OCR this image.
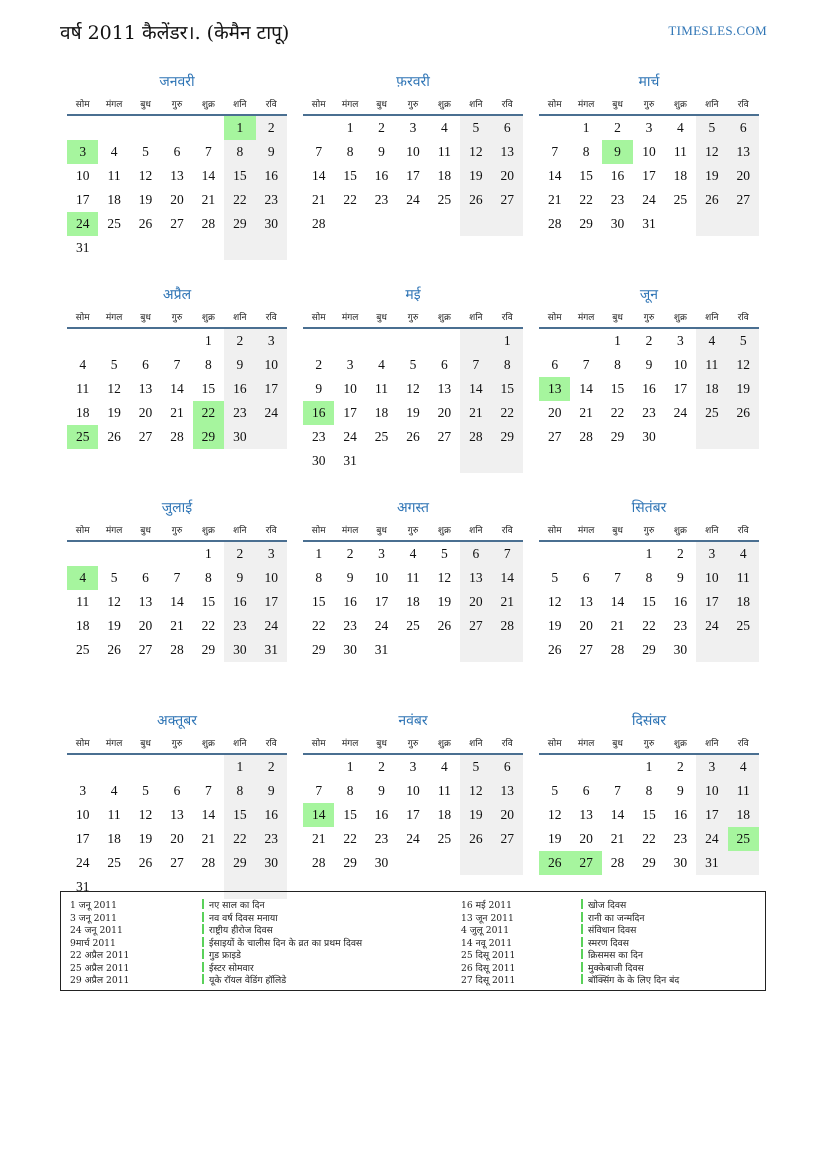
वर्ष 2011 कैलेंडर।. (केमैन टापू)	TIMESLES.COM
जनवरी
सोम	मंगल	बुध	गुरु	शुक्र	शनि	रवि
					1	2
3	4	5	6	7	8	9
10	11	12	13	14	15	16
17	18	19	20	21	22	23
24	25	26	27	28	29	30
31						
फ़रवरी
सोम	मंगल	बुध	गुरु	शुक्र	शनि	रवि
	1	2	3	4	5	6
7	8	9	10	11	12	13
14	15	16	17	18	19	20
21	22	23	24	25	26	27
28						

मार्च
सोम	मंगल	बुध	गुरु	शुक्र	शनि	रवि
	1	2	3	4	5	6
7	8	9	10	11	12	13
14	15	16	17	18	19	20
21	22	23	24	25	26	27
28	29	30	31			

अप्रैल
सोम	मंगल	बुध	गुरु	शुक्र	शनि	रवि
				1	2	3
4	5	6	7	8	9	10
11	12	13	14	15	16	17
18	19	20	21	22	23	24
25	26	27	28	29	30	

मई
सोम	मंगल	बुध	गुरु	शुक्र	शनि	रवि
						1
2	3	4	5	6	7	8
9	10	11	12	13	14	15
16	17	18	19	20	21	22
23	24	25	26	27	28	29
30	31					
जून
सोम	मंगल	बुध	गुरु	शुक्र	शनि	रवि
		1	2	3	4	5
6	7	8	9	10	11	12
13	14	15	16	17	18	19
20	21	22	23	24	25	26
27	28	29	30			

जुलाई
सोम	मंगल	बुध	गुरु	शुक्र	शनि	रवि
				1	2	3
4	5	6	7	8	9	10
11	12	13	14	15	16	17
18	19	20	21	22	23	24
25	26	27	28	29	30	31

अगस्त
सोम	मंगल	बुध	गुरु	शुक्र	शनि	रवि
1	2	3	4	5	6	7
8	9	10	11	12	13	14
15	16	17	18	19	20	21
22	23	24	25	26	27	28
29	30	31				

सितंबर
सोम	मंगल	बुध	गुरु	शुक्र	शनि	रवि
			1	2	3	4
5	6	7	8	9	10	11
12	13	14	15	16	17	18
19	20	21	22	23	24	25
26	27	28	29	30		

अक्तूबर
सोम	मंगल	बुध	गुरु	शुक्र	शनि	रवि
					1	2
3	4	5	6	7	8	9
10	11	12	13	14	15	16
17	18	19	20	21	22	23
24	25	26	27	28	29	30
31						
नवंबर
सोम	मंगल	बुध	गुरु	शुक्र	शनि	रवि
	1	2	3	4	5	6
7	8	9	10	11	12	13
14	15	16	17	18	19	20
21	22	23	24	25	26	27
28	29	30				

दिसंबर
सोम	मंगल	बुध	गुरु	शुक्र	शनि	रवि
			1	2	3	4
5	6	7	8	9	10	11
12	13	14	15	16	17	18
19	20	21	22	23	24	25
26	27	28	29	30	31	

1 जनू 2011	नए साल का दिन
3 जनू 2011	नव वर्ष दिवस मनाया
24 जनू 2011	राष्ट्रीय हीरोज दिवस
9मार्च 2011	ईसाइयों के चालीस दिन के व्रत का प्रथम दिवस
22 अप्रैल 2011	गुड फ्राइडे
25 अप्रैल 2011	ईस्टर सोमवार
29 अप्रैल 2011	यूके रॉयल वेडिंग हॉलिडे
16 मई 2011	खोज दिवस
13 जून 2011	रानी का जन्मदिन
4 जुलू 2011	संविधान दिवस
14 नवू 2011	स्मरण दिवस
25 दिसू 2011	क्रिसमस का दिन
26 दिसू 2011	मुक्केबाजी दिवस
27 दिसू 2011	बॉक्सिंग के के लिए दिन बंद
